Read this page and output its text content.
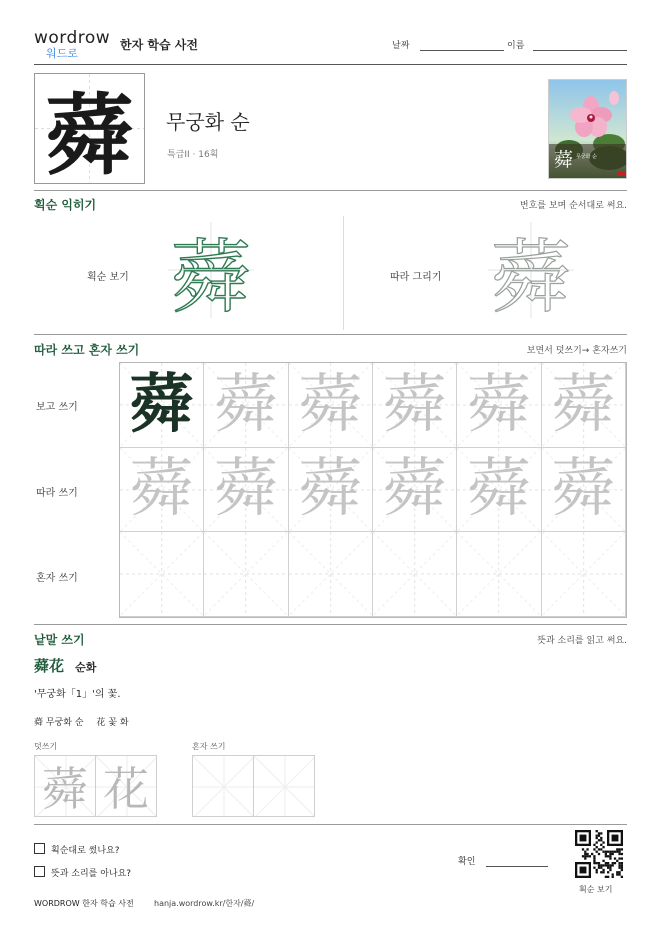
wordrow
워드로
한자 학습 사전	날짜	이름
蕣	무궁화 순
특급II · 16획	蕣 무궁화 순
획순 익히기	번호를 보며 순서대로 써요.
획순 보기 蕣	따라 그리기 蕣
따라 쓰고 혼자 쓰기	보면서 덧쓰기→ 혼자쓰기
보고 쓰기
따라 쓰기
혼자 쓰기
蕣 蕣 蕣 蕣 蕣 蕣
蕣 蕣 蕣 蕣 蕣 蕣
낱말 쓰기	뜻과 소리를 읽고 써요.
蕣花 순화
'무궁화「1」'의 꽃.
蕣 무궁화 순 花 꽃 화
덧쓰기	혼자 쓰기
蕣 花
획순대로 썼나요?
뜻과 소리를 아나요?
확인
획순 보기
WORDROW 한자 학습 사전	hanja.wordrow.kr/한자/蕣/
